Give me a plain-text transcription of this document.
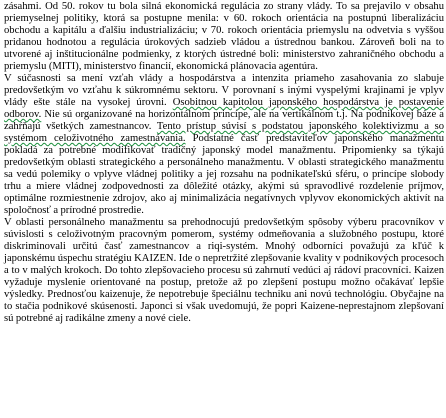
zásahmi. Od 50. rokov tu bola silná ekonomická regulácia zo strany vlády. To sa prejavilo v obsahu priemyselnej politiky, ktorá sa postupne menila: v 60. rokoch orientácia na postupnú liberalizáciu obchodu a kapitálu a ďalšiu industrializáciu; v 70. rokoch orientácia priemyslu na odvetvia s vyššou pridanou hodnotou a regulácia úrokových sadzieb vládou a ústrednou bankou. Zároveň boli na to utvorené aj inštitucionálne podmienky, z ktorých ústredné boli: ministerstvo zahraničného obchodu a priemyslu (MITI), ministerstvo financií, ekonomická plánovacia agentúra.

V súčasnosti sa mení vzťah vlády a hospodárstva a intenzita priameho zasahovania zo slabuje predovšetkým vo vzťahu k súkromnému sektoru. V porovnaní s inými vyspelými krajinami je vplyv vlády ešte stále na vysokej úrovni. Osobitnou kapitolou japonského hospodárstva je postavenie odborov. Nie sú organizované na horizontálnom princípe, ale na vertikálnom t.j. Na podnikovej báze a zahŕňajú všetkých zamestnancov. Tento prístup súvisí s podstatou japonského kolektivizmu a so systémom celoživotného zamestnávania. Podstatné časť predstaviteľov japonského manažmentu pokladá za potrebné modifikovať tradičný japonský model manažmentu. Pripomienky sa týkajú predovšetkým oblasti strategického a personálneho manažmentu. V oblasti strategického manažmentu sa vedú polemiky o vplyve vládnej politiky a jej rozsahu na podnikateľskú sféru, o princípe slobody trhu a miere vládnej zodpovednosti za dôležité otázky, akými sú spravodlivé rozdelenie príjmov, optimálne rozmiestnenie zdrojov, ako aj minimalizácia negatívnych vplyvov ekonomických aktivít na spoločnosť a prírodné prostredie.

V oblasti personálneho manažmentu sa prehodnocujú predovšetkým spôsoby výberu pracovníkov v súvislosti s celoživotným pracovným pomerom, systémy odmeňovania a služobného postupu, ktoré diskriminovali určitú časť zamestnancov a riqi-systém. Mnohý odborníci považujú za kľúč k japonskému úspechu stratégiu KAIZEN. Ide o nepretržité zlepšovanie kvality v podnikových procesoch a to v malých krokoch. Do tohto zlepšovacieho procesu sú zahrnutí vedúci aj rádoví pracovníci. Kaizen vyžaduje myslenie orientované na postup, pretože až po zlepšení postupu možno očakávať lepšie výsledky. Prednosťou kaizenuje, že nepotrebuje špeciálnu techniku ani novú technológiu. Obyčajne na to stačia podnikové skúsenosti. Japonci si však uvedomujú, že popri Kaizene-neprestajnom zlepšovaní sú potrebné aj radikálne zmeny a nové ciele.
